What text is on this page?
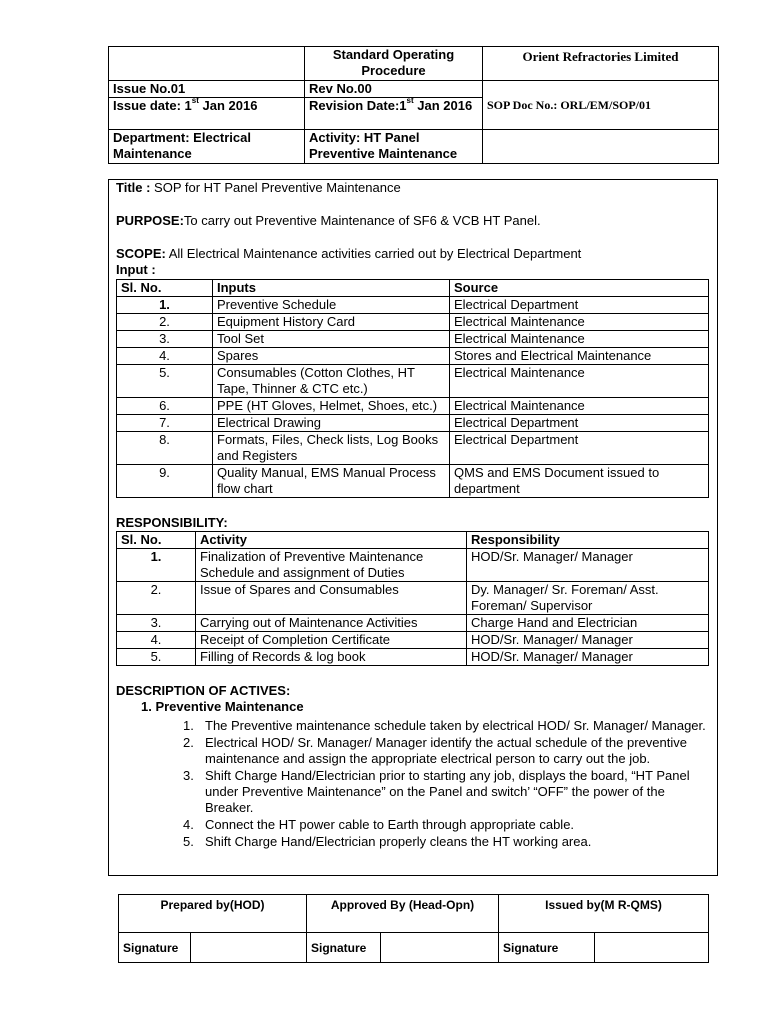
	Standard Operating Procedure	Orient Refractories Limited
Issue No.01	Rev No.00	SOP Doc No.: ORL/EM/SOP/01
Issue date: 1st Jan 2016	Revision Date:1st Jan 2016	
Department: Electrical Maintenance	Activity: HT Panel Preventive Maintenance	
Title : SOP for HT Panel Preventive Maintenance
PURPOSE:To carry out Preventive Maintenance of SF6 & VCB HT Panel.
SCOPE: All Electrical Maintenance activities carried out by Electrical Department
Input :
Sl. No.	Inputs	Source
1.	Preventive Schedule	Electrical Department
2.	Equipment History Card	Electrical Maintenance
3.	Tool Set	Electrical Maintenance
4.	Spares	Stores and Electrical Maintenance
5.	Consumables (Cotton Clothes, HT Tape, Thinner & CTC etc.)	Electrical Maintenance
6.	PPE (HT Gloves, Helmet, Shoes, etc.)	Electrical Maintenance
7.	Electrical Drawing	Electrical Department
8.	Formats, Files, Check lists, Log Books and Registers	Electrical Department
9.	Quality Manual, EMS Manual Process flow chart	QMS and EMS Document issued to department
RESPONSIBILITY:
Sl. No.	Activity	Responsibility
1.	Finalization of Preventive Maintenance Schedule and assignment of Duties	HOD/Sr. Manager/ Manager
2.	Issue of Spares and Consumables	Dy. Manager/ Sr. Foreman/ Asst. Foreman/ Supervisor
3.	Carrying out of Maintenance Activities	Charge Hand and Electrician
4.	Receipt of Completion Certificate	HOD/Sr. Manager/ Manager
5.	Filling of Records & log book	HOD/Sr. Manager/ Manager
DESCRIPTION OF ACTIVES:
1. Preventive Maintenance
1. The Preventive maintenance schedule taken by electrical HOD/ Sr. Manager/ Manager.
2. Electrical HOD/ Sr. Manager/ Manager identify the actual schedule of the preventive maintenance and assign the appropriate electrical person to carry out the job.
3. Shift Charge Hand/Electrician prior to starting any job, displays the board, “HT Panel under Preventive Maintenance” on the Panel and switch’ “OFF” the power of the Breaker.
4. Connect the HT power cable to Earth through appropriate cable.
5. Shift Charge Hand/Electrician properly cleans the HT working area.
Prepared by(HOD)		Approved By (Head-Opn)		Issued by(M R-QMS)	
Signature		Signature		Signature	
